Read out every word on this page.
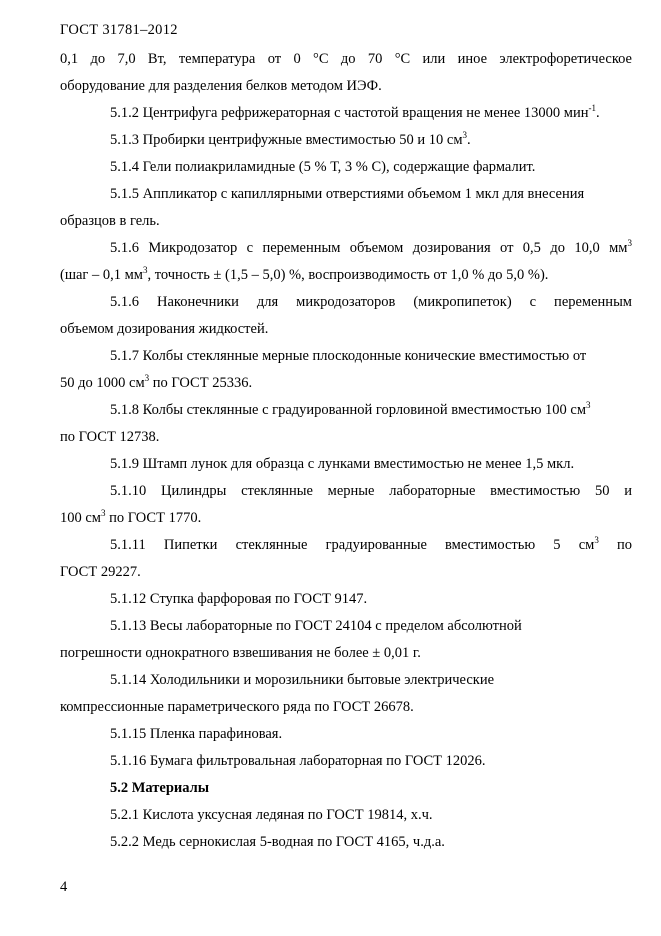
ГОСТ 31781–2012
0,1 до 7,0 Вт, температура от 0 °С до 70 °С или иное электрофоретическое
оборудование для разделения белков методом ИЭФ.
5.1.2 Центрифуга рефрижераторная с частотой вращения не менее 13000 мин$^{-1}$.
5.1.3 Пробирки центрифужные вместимостью 50 и 10 $см^3$.
5.1.4 Гели полиакриламидные (5 % Т, 3 % С), содержащие фармалит.
5.1.5 Аппликатор с капиллярными отверстиями объемом 1 мкл для внесения
образцов в гель.
5.1.6 Микродозатор с переменным объемом дозирования от 0,5 до 10,0 $мм^3$
(шаг – 0,1 $мм^3$, точность ± (1,5 – 5,0) %, воспроизводимость от 1,0 % до 5,0 %).
5.1.6 Наконечники для микродозаторов (микропипеток) с переменным
объемом дозирования жидкостей.
5.1.7 Колбы стеклянные мерные плоскодонные конические вместимостью от
50 до 1000 $см^3$ по ГОСТ 25336.
5.1.8 Колбы стеклянные с градуированной горловиной вместимостью 100 $см^3$
по ГОСТ 12738.
5.1.9 Штамп лунок для образца с лунками вместимостью не менее 1,5 мкл.
5.1.10 Цилиндры стеклянные мерные лабораторные вместимостью 50 и
100 $см^3$ по ГОСТ 1770.
5.1.11 Пипетки стеклянные градуированные вместимостью 5 $см^3$ по
ГОСТ 29227.
5.1.12 Ступка фарфоровая по ГОСТ 9147.
5.1.13 Весы лабораторные по ГОСТ 24104 с пределом абсолютной
погрешности однократного взвешивания не более ± 0,01 г.
5.1.14 Холодильники и морозильники бытовые электрические
компрессионные параметрического ряда по ГОСТ 26678.
5.1.15 Пленка парафиновая.
5.1.16 Бумага фильтровальная лабораторная по ГОСТ 12026.
5.2 Материалы
5.2.1 Кислота уксусная ледяная по ГОСТ 19814, х.ч.
5.2.2 Медь сернокислая 5-водная по ГОСТ 4165, ч.д.а.
4
